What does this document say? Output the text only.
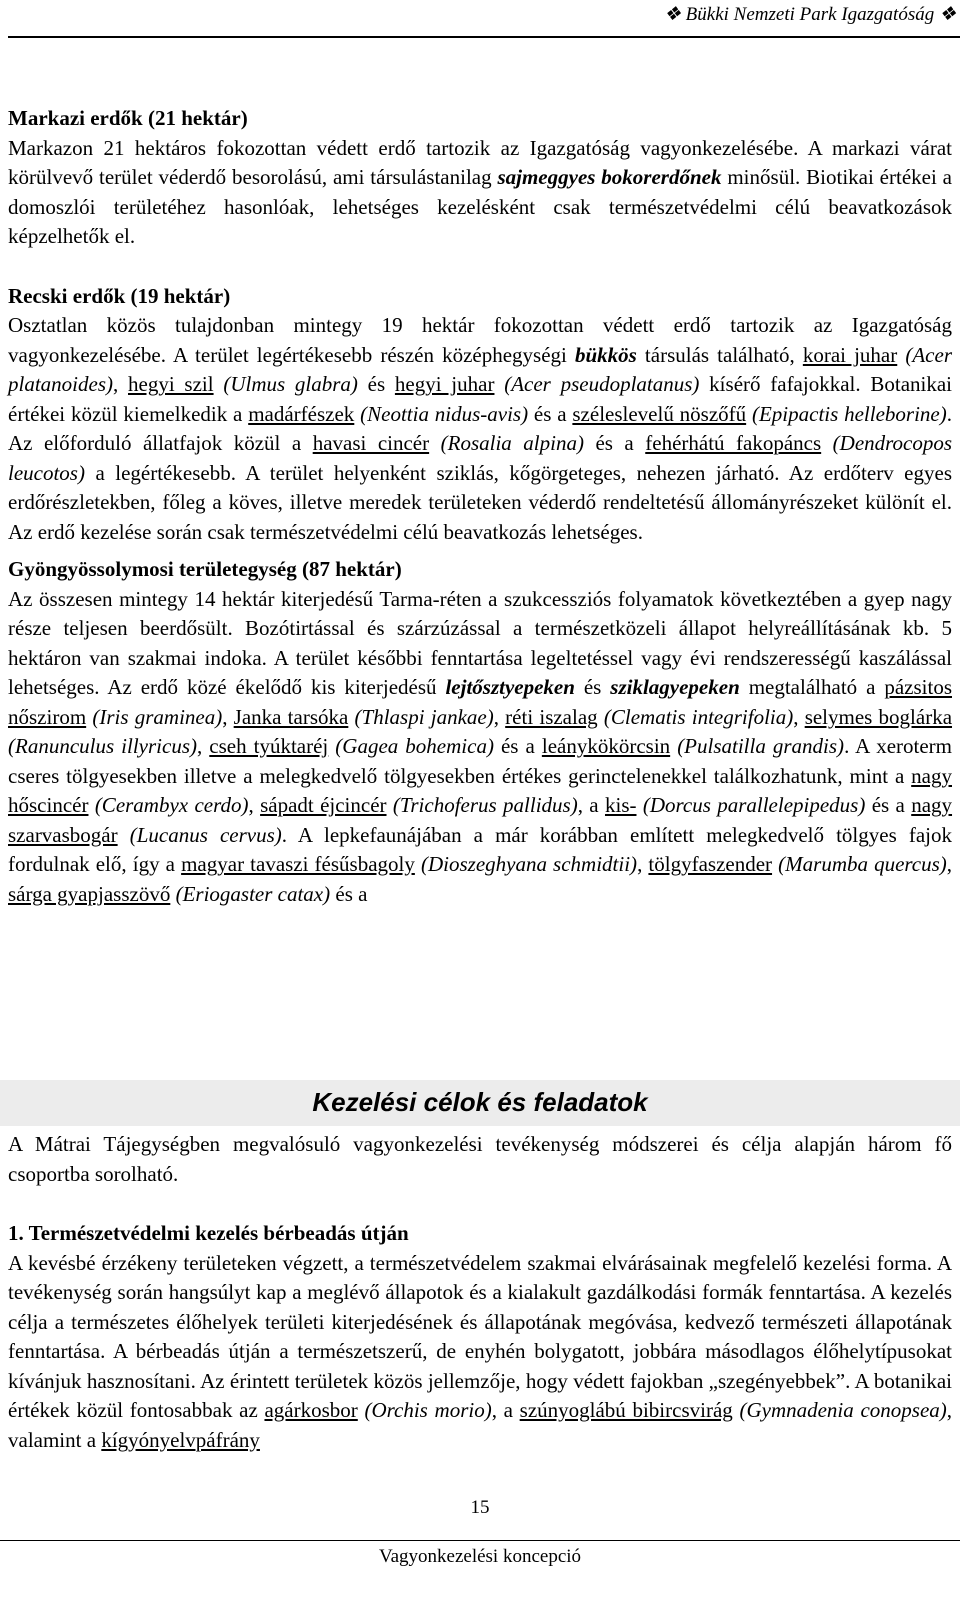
❖ Bükki Nemzeti Park Igazgatóság ❖

Markazi erdők (21 hektár)

Markazon 21 hektáros fokozottan védett erdő tartozik az Igazgatóság vagyonkezelésébe. A markazi várat körülvevő terület véderdő besorolású, ami társulástanilag sajmeggyes bokorerdőnek minősül. Biotikai értékei a domoszlói területéhez hasonlóak, lehetséges kezelésként csak természetvédelmi célú beavatkozások képzelhetők el.

Recski erdők (19 hektár)

Osztatlan közös tulajdonban mintegy 19 hektár fokozottan védett erdő tartozik az Igazgatóság vagyonkezelésébe. A terület legértékesebb részén középhegységi bükkös társulás található, korai juhar (Acer platanoides), hegyi szil (Ulmus glabra) és hegyi juhar (Acer pseudoplatanus) kísérő fafajokkal. Botanikai értékei közül kiemelkedik a madárfészek (Neottia nidus-avis) és a széleslevelű nöszőfű (Epipactis helleborine). Az előforduló állatfajok közül a havasi cincér (Rosalia alpina) és a fehérhátú fakopáncs (Dendrocopos leucotos) a legértékesebb. A terület helyenként sziklás, kőgörgeteges, nehezen járható. Az erdőterv egyes erdőrészletekben, főleg a köves, illetve meredek területeken véderdő rendeltetésű állományrészeket különít el. Az erdő kezelése során csak természetvédelmi célú beavatkozás lehetséges.

Gyöngyössolymosi területegység (87 hektár)

Az összesen mintegy 14 hektár kiterjedésű Tarma-réten a szukcessziós folyamatok következtében a gyep nagy része teljesen beerdősült. Bozótirtással és szárzúzással a természetközeli állapot helyreállításának kb. 5 hektáron van szakmai indoka. A terület későbbi fenntartása legeltetéssel vagy évi rendszerességű kaszálással lehetséges. Az erdő közé ékelődő kis kiterjedésű lejtősztyepeken és sziklagyepeken megtalálható a pázsitos nőszirom (Iris graminea), Janka tarsóka (Thlaspi jankae), réti iszalag (Clematis integrifolia), selymes boglárka (Ranunculus illyricus), cseh tyúktaréj (Gagea bohemica) és a leánykökörcsin (Pulsatilla grandis). A xeroterm cseres tölgyesekben illetve a melegkedvelő tölgyesekben értékes gerinctelenekkel találkozhatunk, mint a nagy hőscincér (Cerambyx cerdo), sápadt éjcincér (Trichoferus pallidus), a kis- (Dorcus parallelepipedus) és a nagy szarvasbogár (Lucanus cervus). A lepkefaunájában a már korábban említett melegkedvelő tölgyes fajok fordulnak elő, így a magyar tavaszi fésűsbagoly (Dioszeghyana schmidtii), tölgyfaszender (Marumba quercus), sárga gyapjasszövő (Eriogaster catax) és a

Kezelési célok és feladatok

A Mátrai Tájegységben megvalósuló vagyonkezelési tevékenység módszerei és célja alapján három fő csoportba sorolható.

1. Természetvédelmi kezelés bérbeadás útján

A kevésbé érzékeny területeken végzett, a természetvédelem szakmai elvárásainak megfelelő kezelési forma. A tevékenység során hangsúlyt kap a meglévő állapotok és a kialakult gazdálkodási formák fenntartása. A kezelés célja a természetes élőhelyek területi kiterjedésének és állapotának megóvása, kedvező természeti állapotának fenntartása. A bérbeadás útján a természetszerű, de enyhén bolygatott, jobbára másodlagos élőhelytípusokat kívánjuk hasznosítani. Az érintett területek közös jellemzője, hogy védett fajokban „szegényebbek”. A botanikai értékek közül fontosabbak az agárkosbor (Orchis morio), a szúnyoglábú bibircsvirág (Gymnadenia conopsea), valamint a kígyónyelvpáfrány

15
Vagyonkezelési koncepció
